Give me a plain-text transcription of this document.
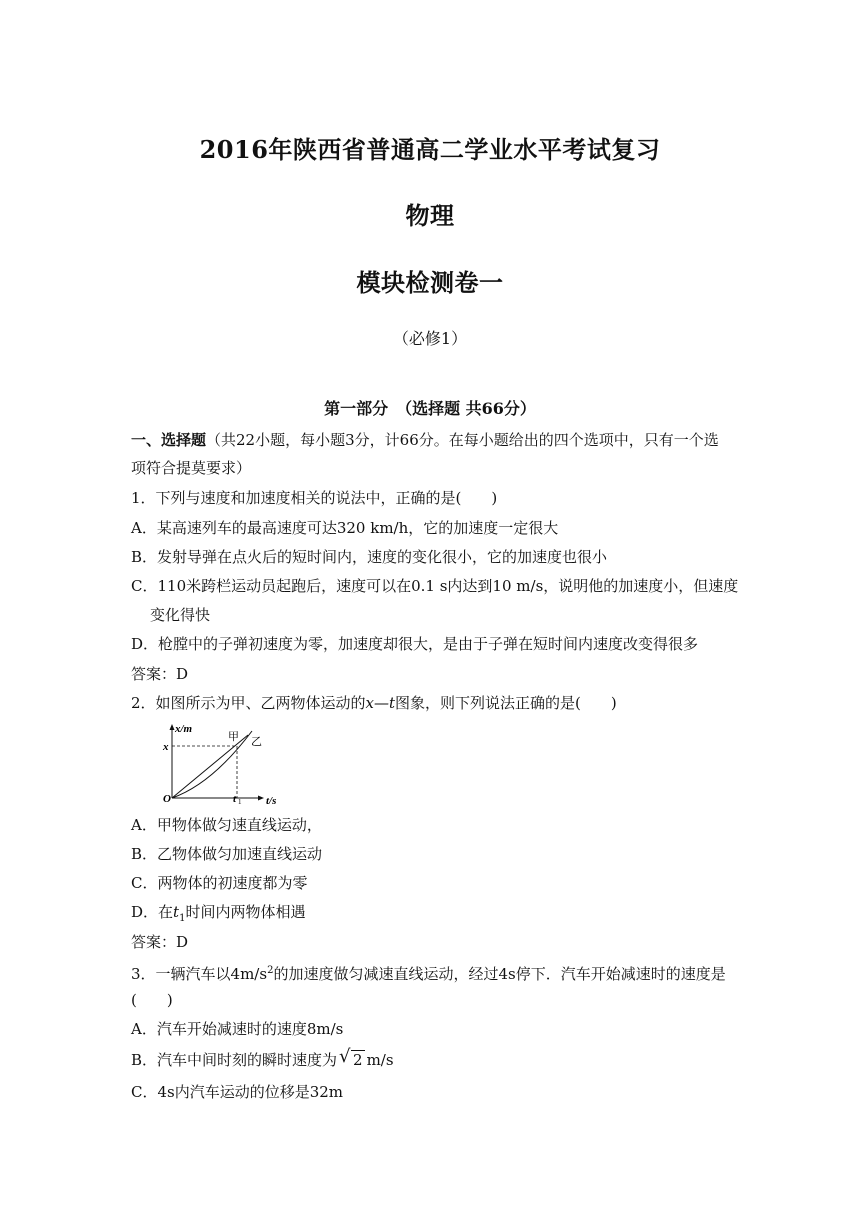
2016年陕西省普通高二学业水平考试复习
物理
模块检测卷一
（必修1）
第一部分　（选择题 共66分）
一、选择题（共22小题，每小题3分，计66分。在每小题给出的四个选项中，只有一个选
项符合提莫要求）
1．下列与速度和加速度相关的说法中，正确的是(　　)
A．某高速列车的最高速度可达320 km/h，它的加速度一定很大
B．发射导弹在点火后的短时间内，速度的变化很小，它的加速度也很小
C．110米跨栏运动员起跑后，速度可以在0.1 s内达到10 m/s，说明他的加速度小，但速度
变化得快
D．枪膛中的子弹初速度为零，加速度却很大，是由于子弹在短时间内速度改变得很多
答案：D
2．如图所示为甲、乙两物体运动的x—t图象，则下列说法正确的是(　　)
x/m
t/s
x
O	t 1
甲 乙
A．甲物体做匀速直线运动，
B．乙物体做匀加速直线运动
C．两物体的初速度都为零
D．在$t_1$时间内两物体相遇
答案：D
3．一辆汽车以$4m/s^2$的加速度做匀减速直线运动，经过4s停下．汽车开始减速时的速度是
(　　)
A．汽车开始减速时的速度8m/s
B．汽车中间时刻的瞬时速度为√ 2 m/s
C．4s内汽车运动的位移是32m
